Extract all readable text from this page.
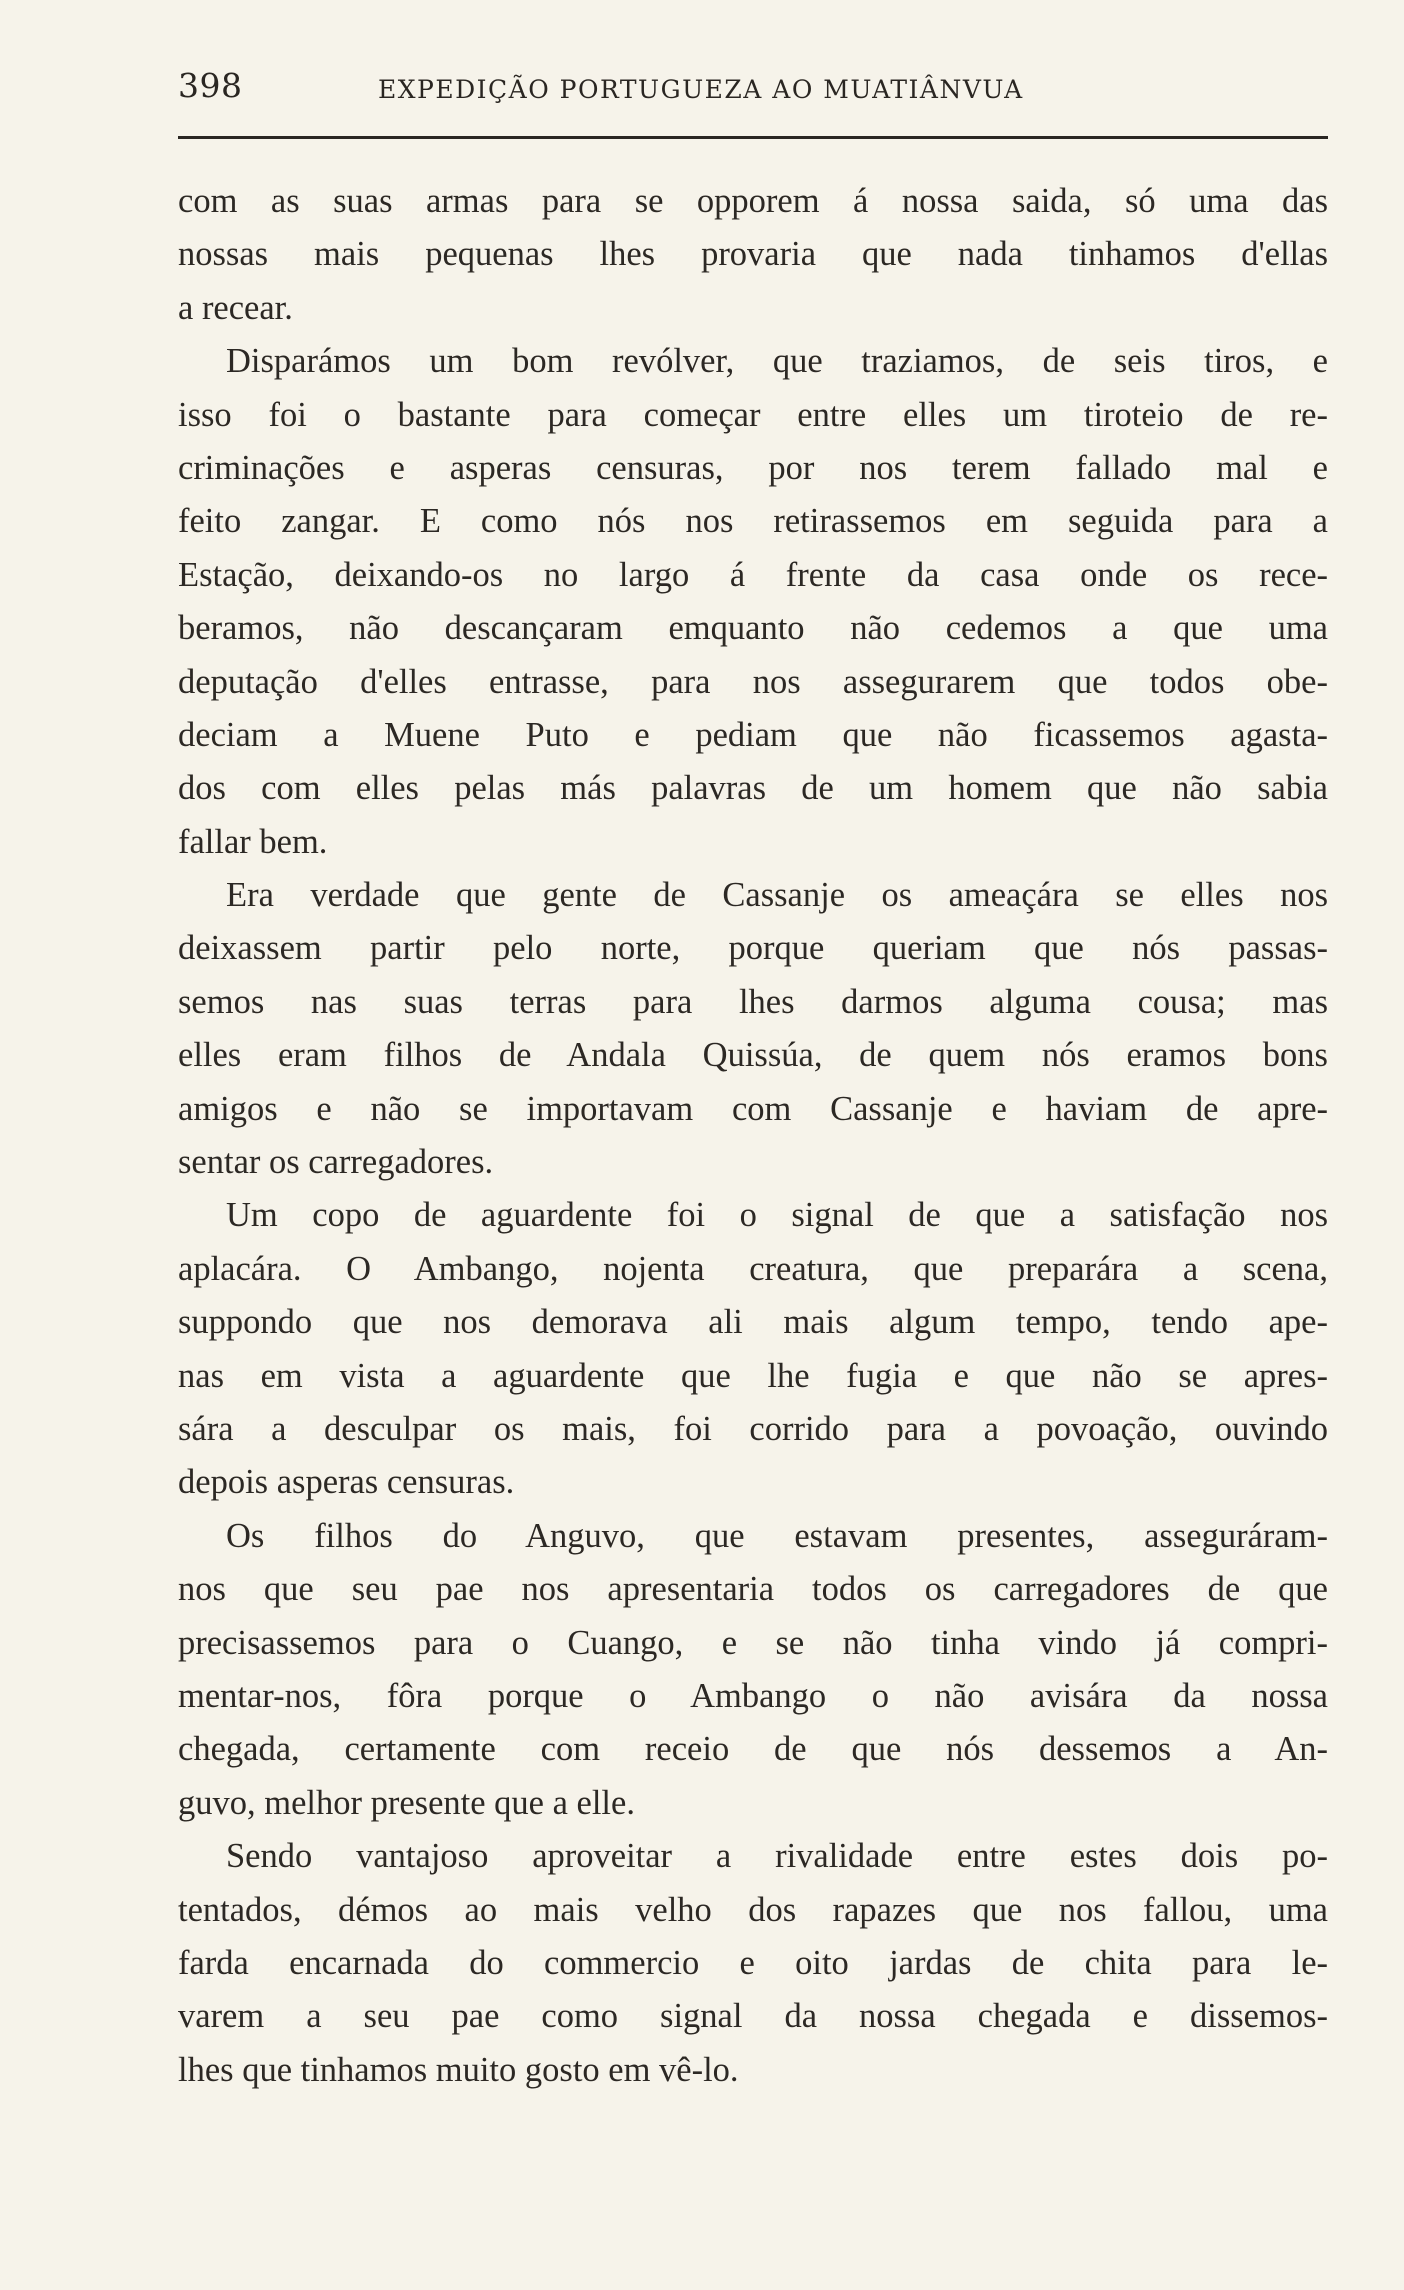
398	EXPEDIÇÃO PORTUGUEZA AO MUATIÂNVUA
com as suas armas para se opporem á nossa saida, só uma das
nossas mais pequenas lhes provaria que nada tinhamos d'ellas
a recear.
Disparámos um bom revólver, que traziamos, de seis tiros, e
isso foi o bastante para começar entre elles um tiroteio de re-
criminações e asperas censuras, por nos terem fallado mal e
feito zangar. E como nós nos retirassemos em seguida para a
Estação, deixando-os no largo á frente da casa onde os rece-
beramos, não descançaram emquanto não cedemos a que uma
deputação d'elles entrasse, para nos assegurarem que todos obe-
deciam a Muene Puto e pediam que não ficassemos agasta-
dos com elles pelas más palavras de um homem que não sabia
fallar bem.
Era verdade que gente de Cassanje os ameaçára se elles nos
deixassem partir pelo norte, porque queriam que nós passas-
semos nas suas terras para lhes darmos alguma cousa; mas
elles eram filhos de Andala Quissúa, de quem nós eramos bons
amigos e não se importavam com Cassanje e haviam de apre-
sentar os carregadores.
Um copo de aguardente foi o signal de que a satisfação nos
aplacára. O Ambango, nojenta creatura, que preparára a scena,
suppondo que nos demorava ali mais algum tempo, tendo ape-
nas em vista a aguardente que lhe fugia e que não se apres-
sára a desculpar os mais, foi corrido para a povoação, ouvindo
depois asperas censuras.
Os filhos do Anguvo, que estavam presentes, asseguráram-
nos que seu pae nos apresentaria todos os carregadores de que
precisassemos para o Cuango, e se não tinha vindo já compri-
mentar-nos, fôra porque o Ambango o não avisára da nossa
chegada, certamente com receio de que nós dessemos a An-
guvo, melhor presente que a elle.
Sendo vantajoso aproveitar a rivalidade entre estes dois po-
tentados, démos ao mais velho dos rapazes que nos fallou, uma
farda encarnada do commercio e oito jardas de chita para le-
varem a seu pae como signal da nossa chegada e dissemos-
lhes que tinhamos muito gosto em vê-lo.
